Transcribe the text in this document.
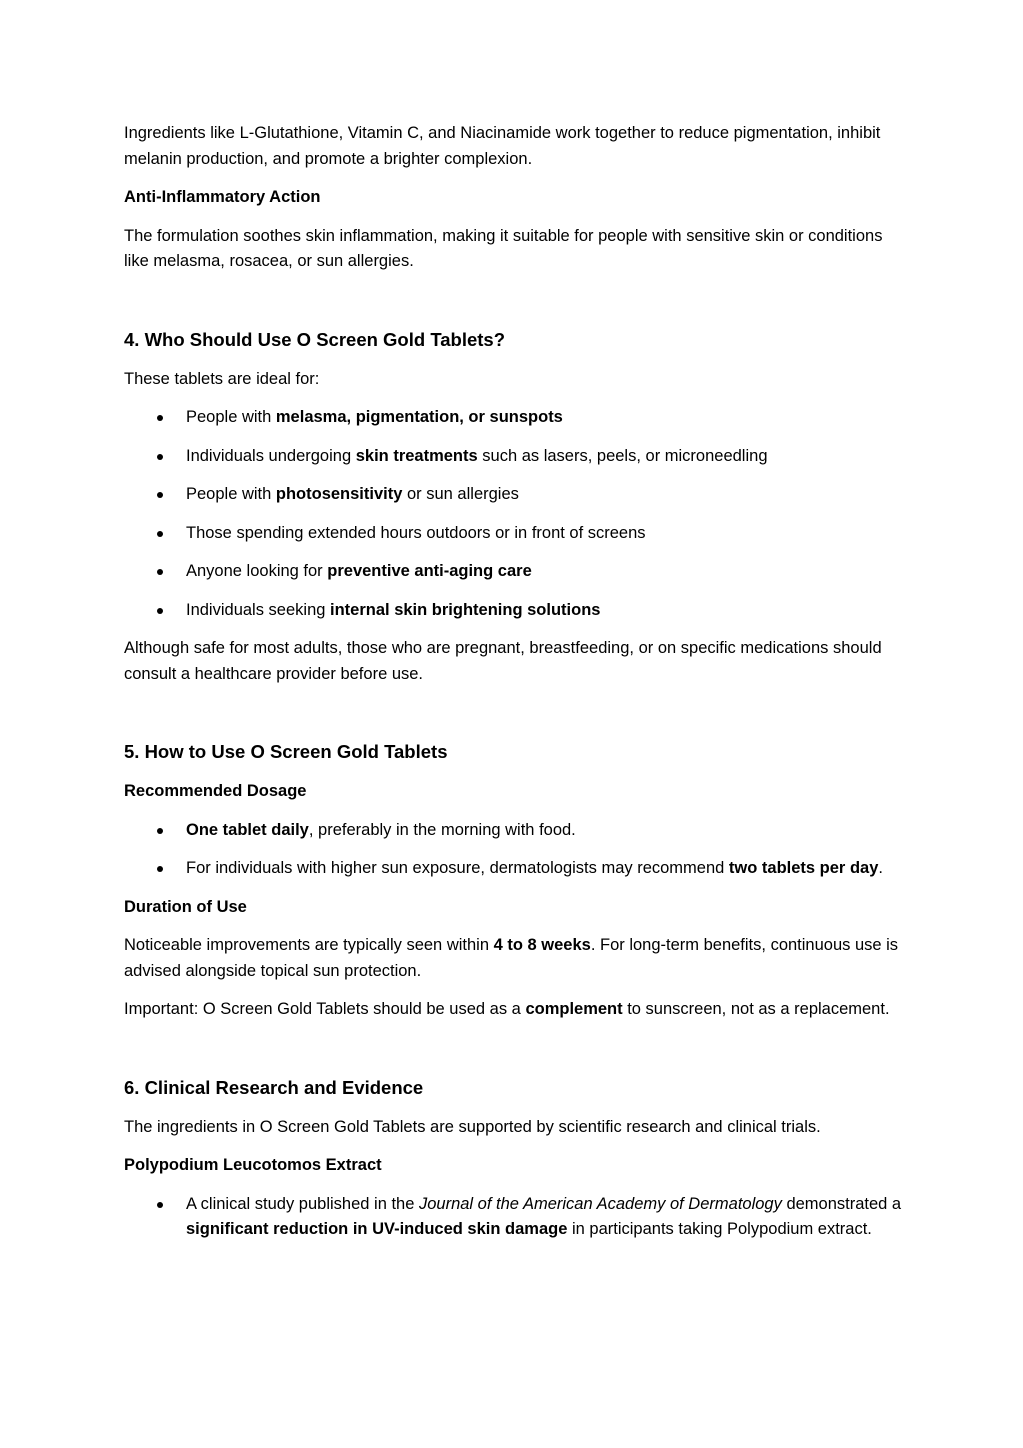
Ingredients like L-Glutathione, Vitamin C, and Niacinamide work together to reduce pigmentation, inhibit melanin production, and promote a brighter complexion.

Anti-Inflammatory Action

The formulation soothes skin inflammation, making it suitable for people with sensitive skin or conditions like melasma, rosacea, or sun allergies.

4. Who Should Use O Screen Gold Tablets?

These tablets are ideal for:

People with melasma, pigmentation, or sunspots
Individuals undergoing skin treatments such as lasers, peels, or microneedling
People with photosensitivity or sun allergies
Those spending extended hours outdoors or in front of screens
Anyone looking for preventive anti-aging care
Individuals seeking internal skin brightening solutions

Although safe for most adults, those who are pregnant, breastfeeding, or on specific medications should consult a healthcare provider before use.

5. How to Use O Screen Gold Tablets
Recommended Dosage
One tablet daily, preferably in the morning with food.
For individuals with higher sun exposure, dermatologists may recommend two tablets per day.
Duration of Use

Noticeable improvements are typically seen within 4 to 8 weeks. For long-term benefits, continuous use is advised alongside topical sun protection.

Important: O Screen Gold Tablets should be used as a complement to sunscreen, not as a replacement.

6. Clinical Research and Evidence

The ingredients in O Screen Gold Tablets are supported by scientific research and clinical trials.

Polypodium Leucotomos Extract
A clinical study published in the Journal of the American Academy of Dermatology demonstrated a significant reduction in UV-induced skin damage in participants taking Polypodium extract.
